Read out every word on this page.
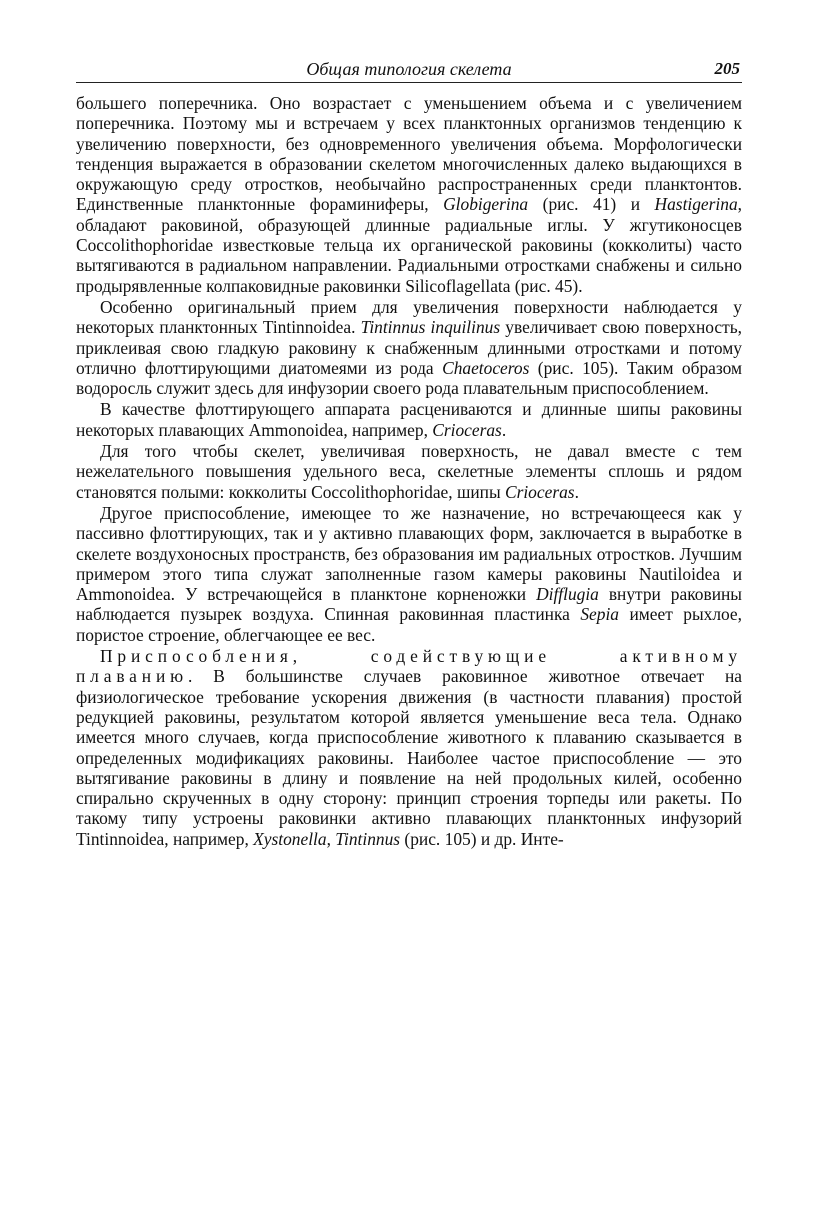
Общая типология скелета	205

большего поперечника. Оно возрастает с уменьшением объема и с увеличением поперечника. Поэтому мы и встречаем у всех планктонных организмов тенденцию к увеличению поверхности, без одновременного увеличения объема. Морфологически тенденция выражается в образовании скелетом многочисленных далеко выдающихся в окружающую среду отростков, необычайно распространенных среди планктонтов. Единственные планктонные фораминиферы, Globigerina (рис. 41) и Hastigerina, обладают раковиной, образующей длинные радиальные иглы. У жгутиконосцев Coccolithophoridae известковые тельца их органической раковины (кокколиты) часто вытягиваются в радиальном направлении. Радиальными отростками снабжены и сильно продырявленные колпаковидные раковинки Silicoflagellata (рис. 45).

Особенно оригинальный прием для увеличения поверхности наблюдается у некоторых планктонных Tintinnoidea. Tintinnus inquilinus увеличивает свою поверхность, приклеивая свою гладкую раковину к снабженным длинными отростками и потому отлично флоттирующими диатомеями из рода Chaetoceros (рис. 105). Таким образом водоросль служит здесь для инфузории своего рода плавательным приспособлением.

В качестве флоттирующего аппарата расцениваются и длинные шипы раковины некоторых плавающих Ammonoidea, например, Crioceras.

Для того чтобы скелет, увеличивая поверхность, не давал вместе с тем нежелательного повышения удельного веса, скелетные элементы сплошь и рядом становятся полыми: кокколиты Coccolithophoridae, шипы Crioceras.

Другое приспособление, имеющее то же назначение, но встречающееся как у пассивно флоттирующих, так и у активно плавающих форм, заключается в выработке в скелете воздухоносных пространств, без образования им радиальных отростков. Лучшим примером этого типа служат заполненные газом камеры раковины Nautiloidea и Ammonoidea. У встречающейся в планктоне корненожки Difflugia внутри раковины наблюдается пузырек воздуха. Спинная раковинная пластинка Sepia имеет рыхлое, пористое строение, облегчающее ее вес.

Приспособления, содействующие активному плаванию. В большинстве случаев раковинное животное отвечает на физиологическое требование ускорения движения (в частности плавания) простой редукцией раковины, результатом которой является уменьшение веса тела. Однако имеется много случаев, когда приспособление животного к плаванию сказывается в определенных модификациях раковины. Наиболее частое приспособление — это вытягивание раковины в длину и появление на ней продольных килей, особенно спирально скрученных в одну сторону: принцип строения торпеды или ракеты. По такому типу устроены раковинки активно плавающих планктонных инфузорий Tintinnoidea, например, Xystonella, Tintinnus (рис. 105) и др. Инте-
